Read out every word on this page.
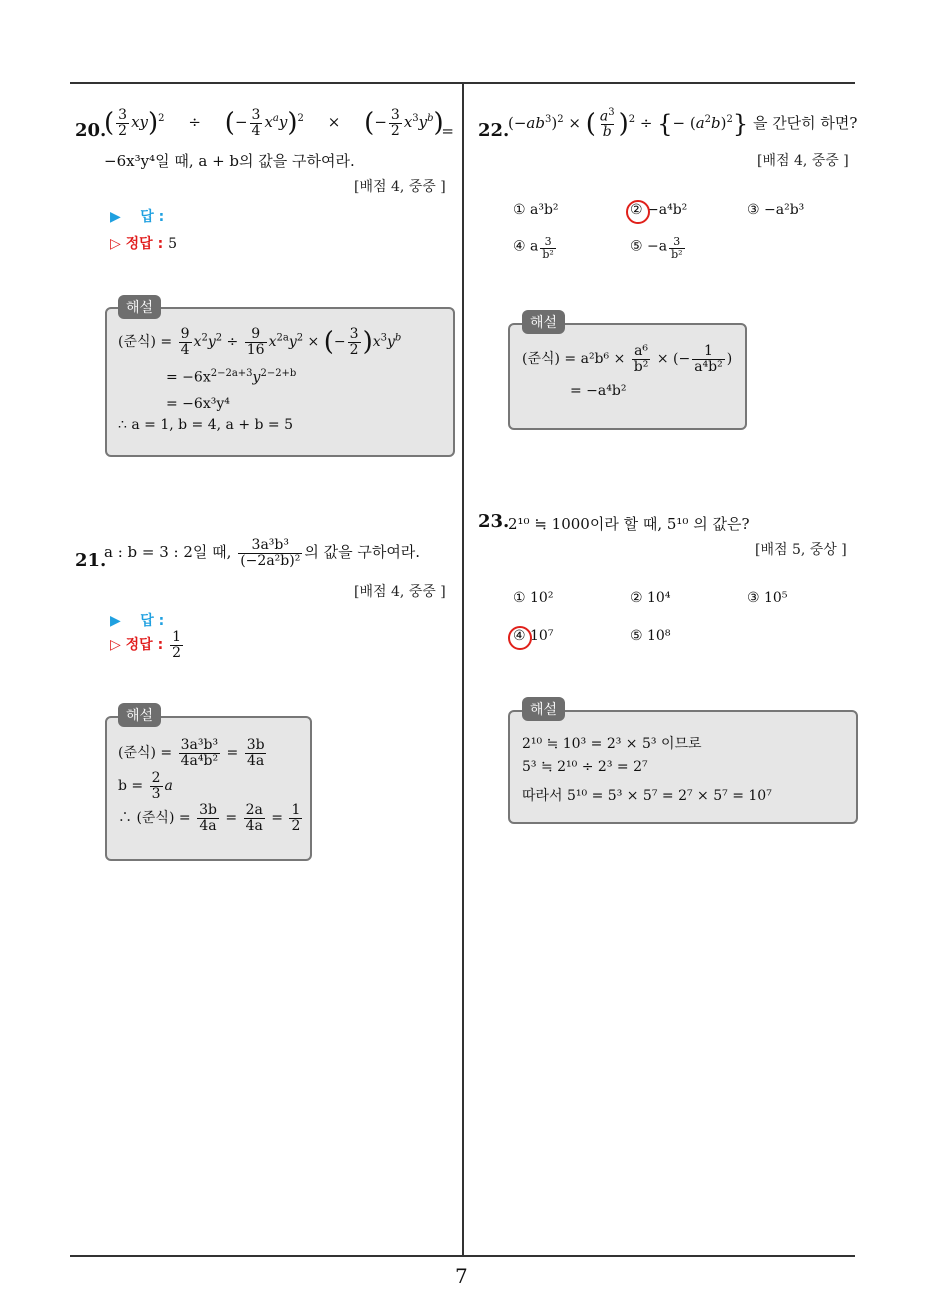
7
20.
( $\frac{3}{2} xy)^2$     ÷     (− $\frac{3}{4} x^ay)^2$     ×     (− $\frac{3}{2} x^3y^b$)
=
−6x³y⁴일 때, a + b의 값을 구하여라.
[배점 4, 중중 ]
▶ 답 :
▷ 정답 : 5
해설
(준식) = $\frac{9}{4} x^2y^2 \div \frac{9}{16} x^{2a}y^2$ × (− $\frac{3}{2} )x^3y^b$
= $-6x^{2-2a+3}y^{2-2+b}$
= −6x³y⁴
∴ a = 1, b = 4, a + b = 5
21.
a : b = 3 : 2일 때, $\frac{\text{3a³b³}}{\text{(−2a²b)²}}$ 의 값을 구하여라.
[배점 4, 중중 ]
▶ 답 :
▷ 정답 : $\frac{1}{2}$
해설
(준식) = $\frac{\text{3a³b³}}{\text{4a⁴b²}} = \frac{3b}{4a}$
$b = \frac{2}{3}$ a
∴ (준식) = $\frac{3b}{4a} = \frac{2a}{4a} = \frac{1}{2}$
22.
$(-ab^3)^2$ × ( $\frac{a^3}{b} )^2$ ÷ {− $(a^2b)^2$} 을 간단히 하면?
[배점 4, 중중 ]
① a³b²	② −a⁴b²	③ −a²b³
④ a $\frac{3}{\text{b²}}$	⑤ $-a \frac{3}{\text{b²}}$
해설
(준식) = $a^2b^6 \times \frac{\text{a⁶}}{\text{b²}}$ × (− $\frac{1}{\text{a⁴b²}}$ )
= −a⁴b²
23.
2¹⁰ ≒ 1000이라 할 때, 5¹⁰ 의 값은?
[배점 5, 중상 ]
① 10²	② 10⁴	③ 10⁵
④ 10⁷	⑤ 10⁸
해설
2¹⁰ ≒ 10³ = 2³ × 5³ 이므로
5³ ≒ 2¹⁰ ÷ 2³ = 2⁷
따라서 5¹⁰ = 5³ × 5⁷ = 2⁷ × 5⁷ = 10⁷
